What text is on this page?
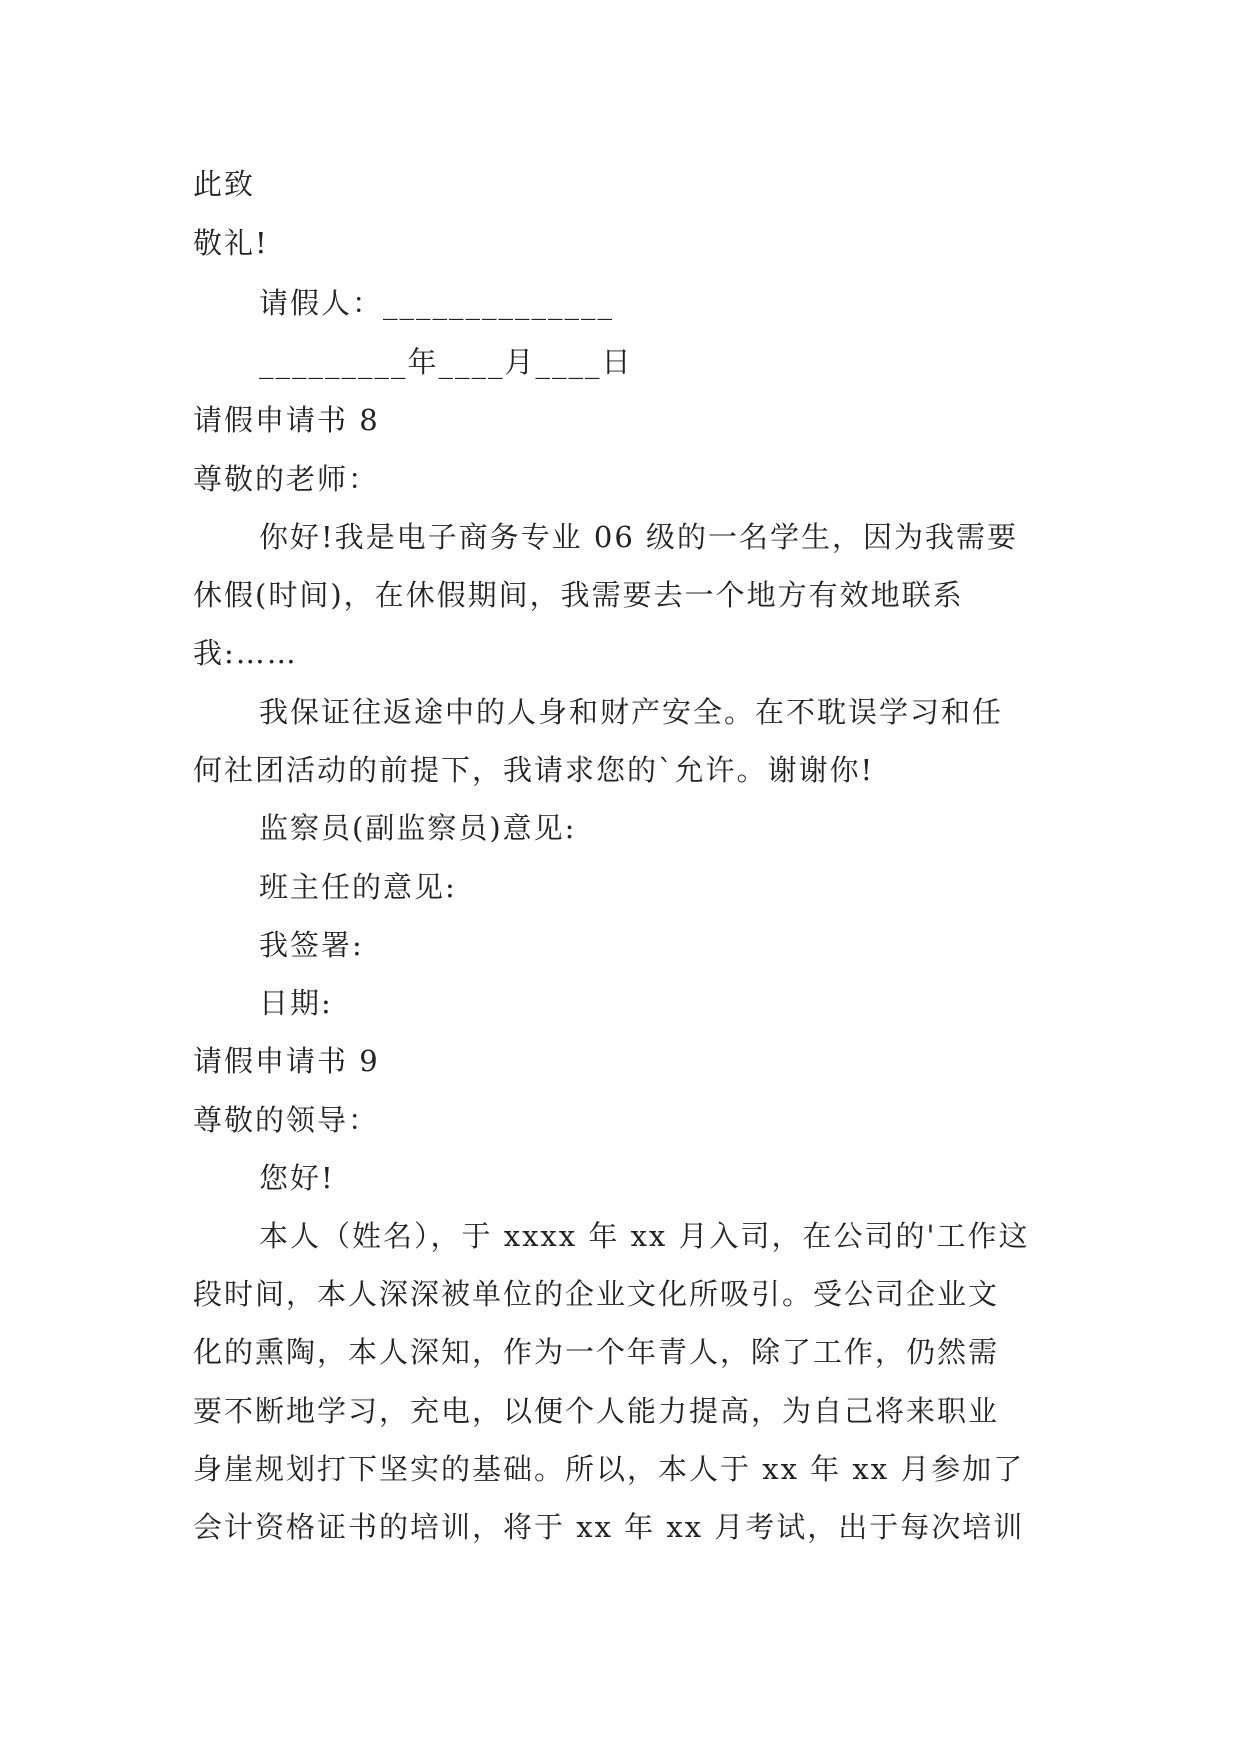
此致
敬礼!
请假人：______________
_________年____月____日
请假申请书 8
尊敬的老师：
你好!我是电子商务专业 06 级的一名学生，因为我需要
休假(时间)，在休假期间，我需要去一个地方有效地联系
我:……
我保证往返途中的人身和财产安全。在不耽误学习和任
何社团活动的前提下，我请求您的`允许。谢谢你!
监察员(副监察员)意见:
班主任的意见:
我签署:
日期:
请假申请书 9
尊敬的领导：
您好!
本人（姓名），于 xxxx 年 xx 月入司，在公司的'工作这
段时间，本人深深被单位的企业文化所吸引。受公司企业文
化的熏陶，本人深知，作为一个年青人，除了工作，仍然需
要不断地学习，充电，以便个人能力提高，为自己将来职业
身崖规划打下坚实的基础。所以，本人于 xx 年 xx 月参加了
会计资格证书的培训，将于 xx 年 xx 月考试，出于每次培训
